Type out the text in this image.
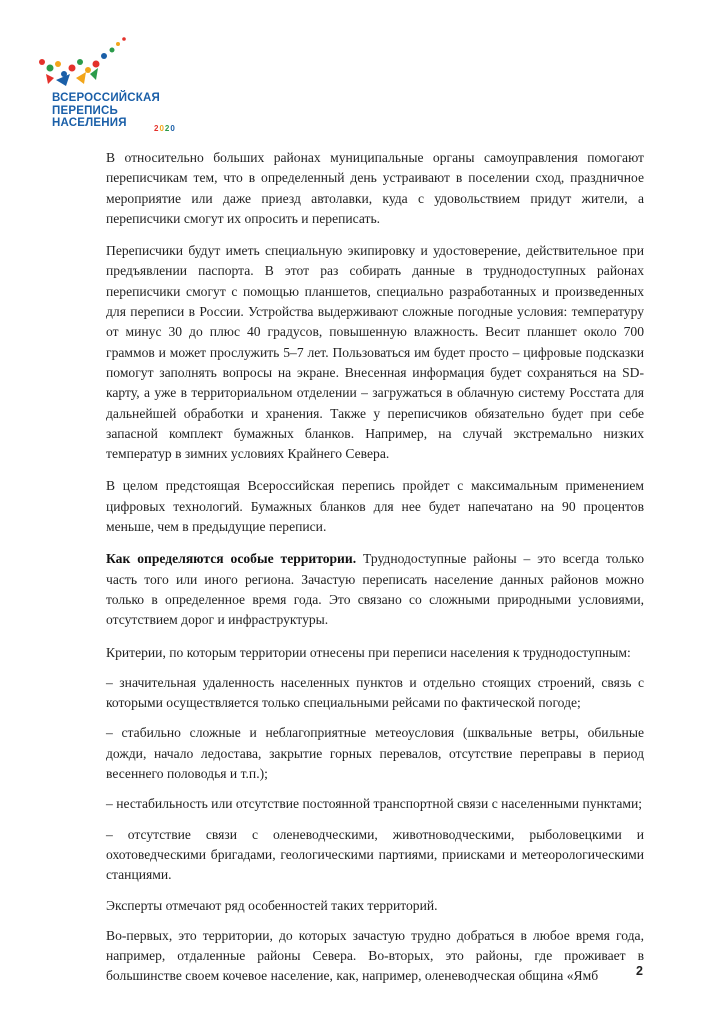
ВСЕРОССИЙСКАЯ
ПЕРЕПИСЬ
НАСЕЛЕНИЯ	2020

В относительно больших районах муниципальные органы самоуправления помогают переписчикам тем, что в определенный день устраивают в поселении сход, праздничное мероприятие или даже приезд автолавки, куда с удовольствием придут жители, а переписчики смогут их опросить и переписать.

Переписчики будут иметь специальную экипировку и удостоверение, действительное при предъявлении паспорта. В этот раз собирать данные в труднодоступных районах переписчики смогут с помощью планшетов, специально разработанных и произведенных для переписи в России. Устройства выдерживают сложные погодные условия: температуру от минус 30 до плюс 40 градусов, повышенную влажность. Весит планшет около 700 граммов и может прослужить 5–7 лет. Пользоваться им будет просто – цифровые подсказки помогут заполнять вопросы на экране. Внесенная информация будет сохраняться на SD-карту, а уже в территориальном отделении – загружаться в облачную систему Росстата для дальнейшей обработки и хранения. Также у переписчиков обязательно будет при себе запасной комплект бумажных бланков. Например, на случай экстремально низких температур в зимних условиях Крайнего Севера.

В целом предстоящая Всероссийская перепись пройдет с максимальным применением цифровых технологий. Бумажных бланков для нее будет напечатано на 90 процентов меньше, чем в предыдущие переписи.

Как определяются особые территории. Труднодоступные районы – это всегда только часть того или иного региона. Зачастую переписать население данных районов можно только в определенное время года. Это связано со сложными природными условиями, отсутствием дорог и инфраструктуры.

Критерии, по которым территории отнесены при переписи населения к труднодоступным:

– значительная удаленность населенных пунктов и отдельно стоящих строений, связь с которыми осуществляется только специальными рейсами по фактической погоде;

– стабильно сложные и неблагоприятные метеоусловия (шквальные ветры, обильные дожди, начало ледостава, закрытие горных перевалов, отсутствие переправы в период весеннего половодья и т.п.);

– нестабильность или отсутствие постоянной транспортной связи с населенными пунктами;

– отсутствие связи с оленеводческими, животноводческими, рыболовецкими и охотоведческими бригадами, геологическими партиями, приисками и метеорологическими станциями.

Эксперты отмечают ряд особенностей таких территорий.

Во-первых, это территории, до которых зачастую трудно добраться в любое время года, например, отдаленные районы Севера. Во-вторых, это районы, где проживает в большинстве своем кочевое население, как, например, оленеводческая община «Ямб	2
